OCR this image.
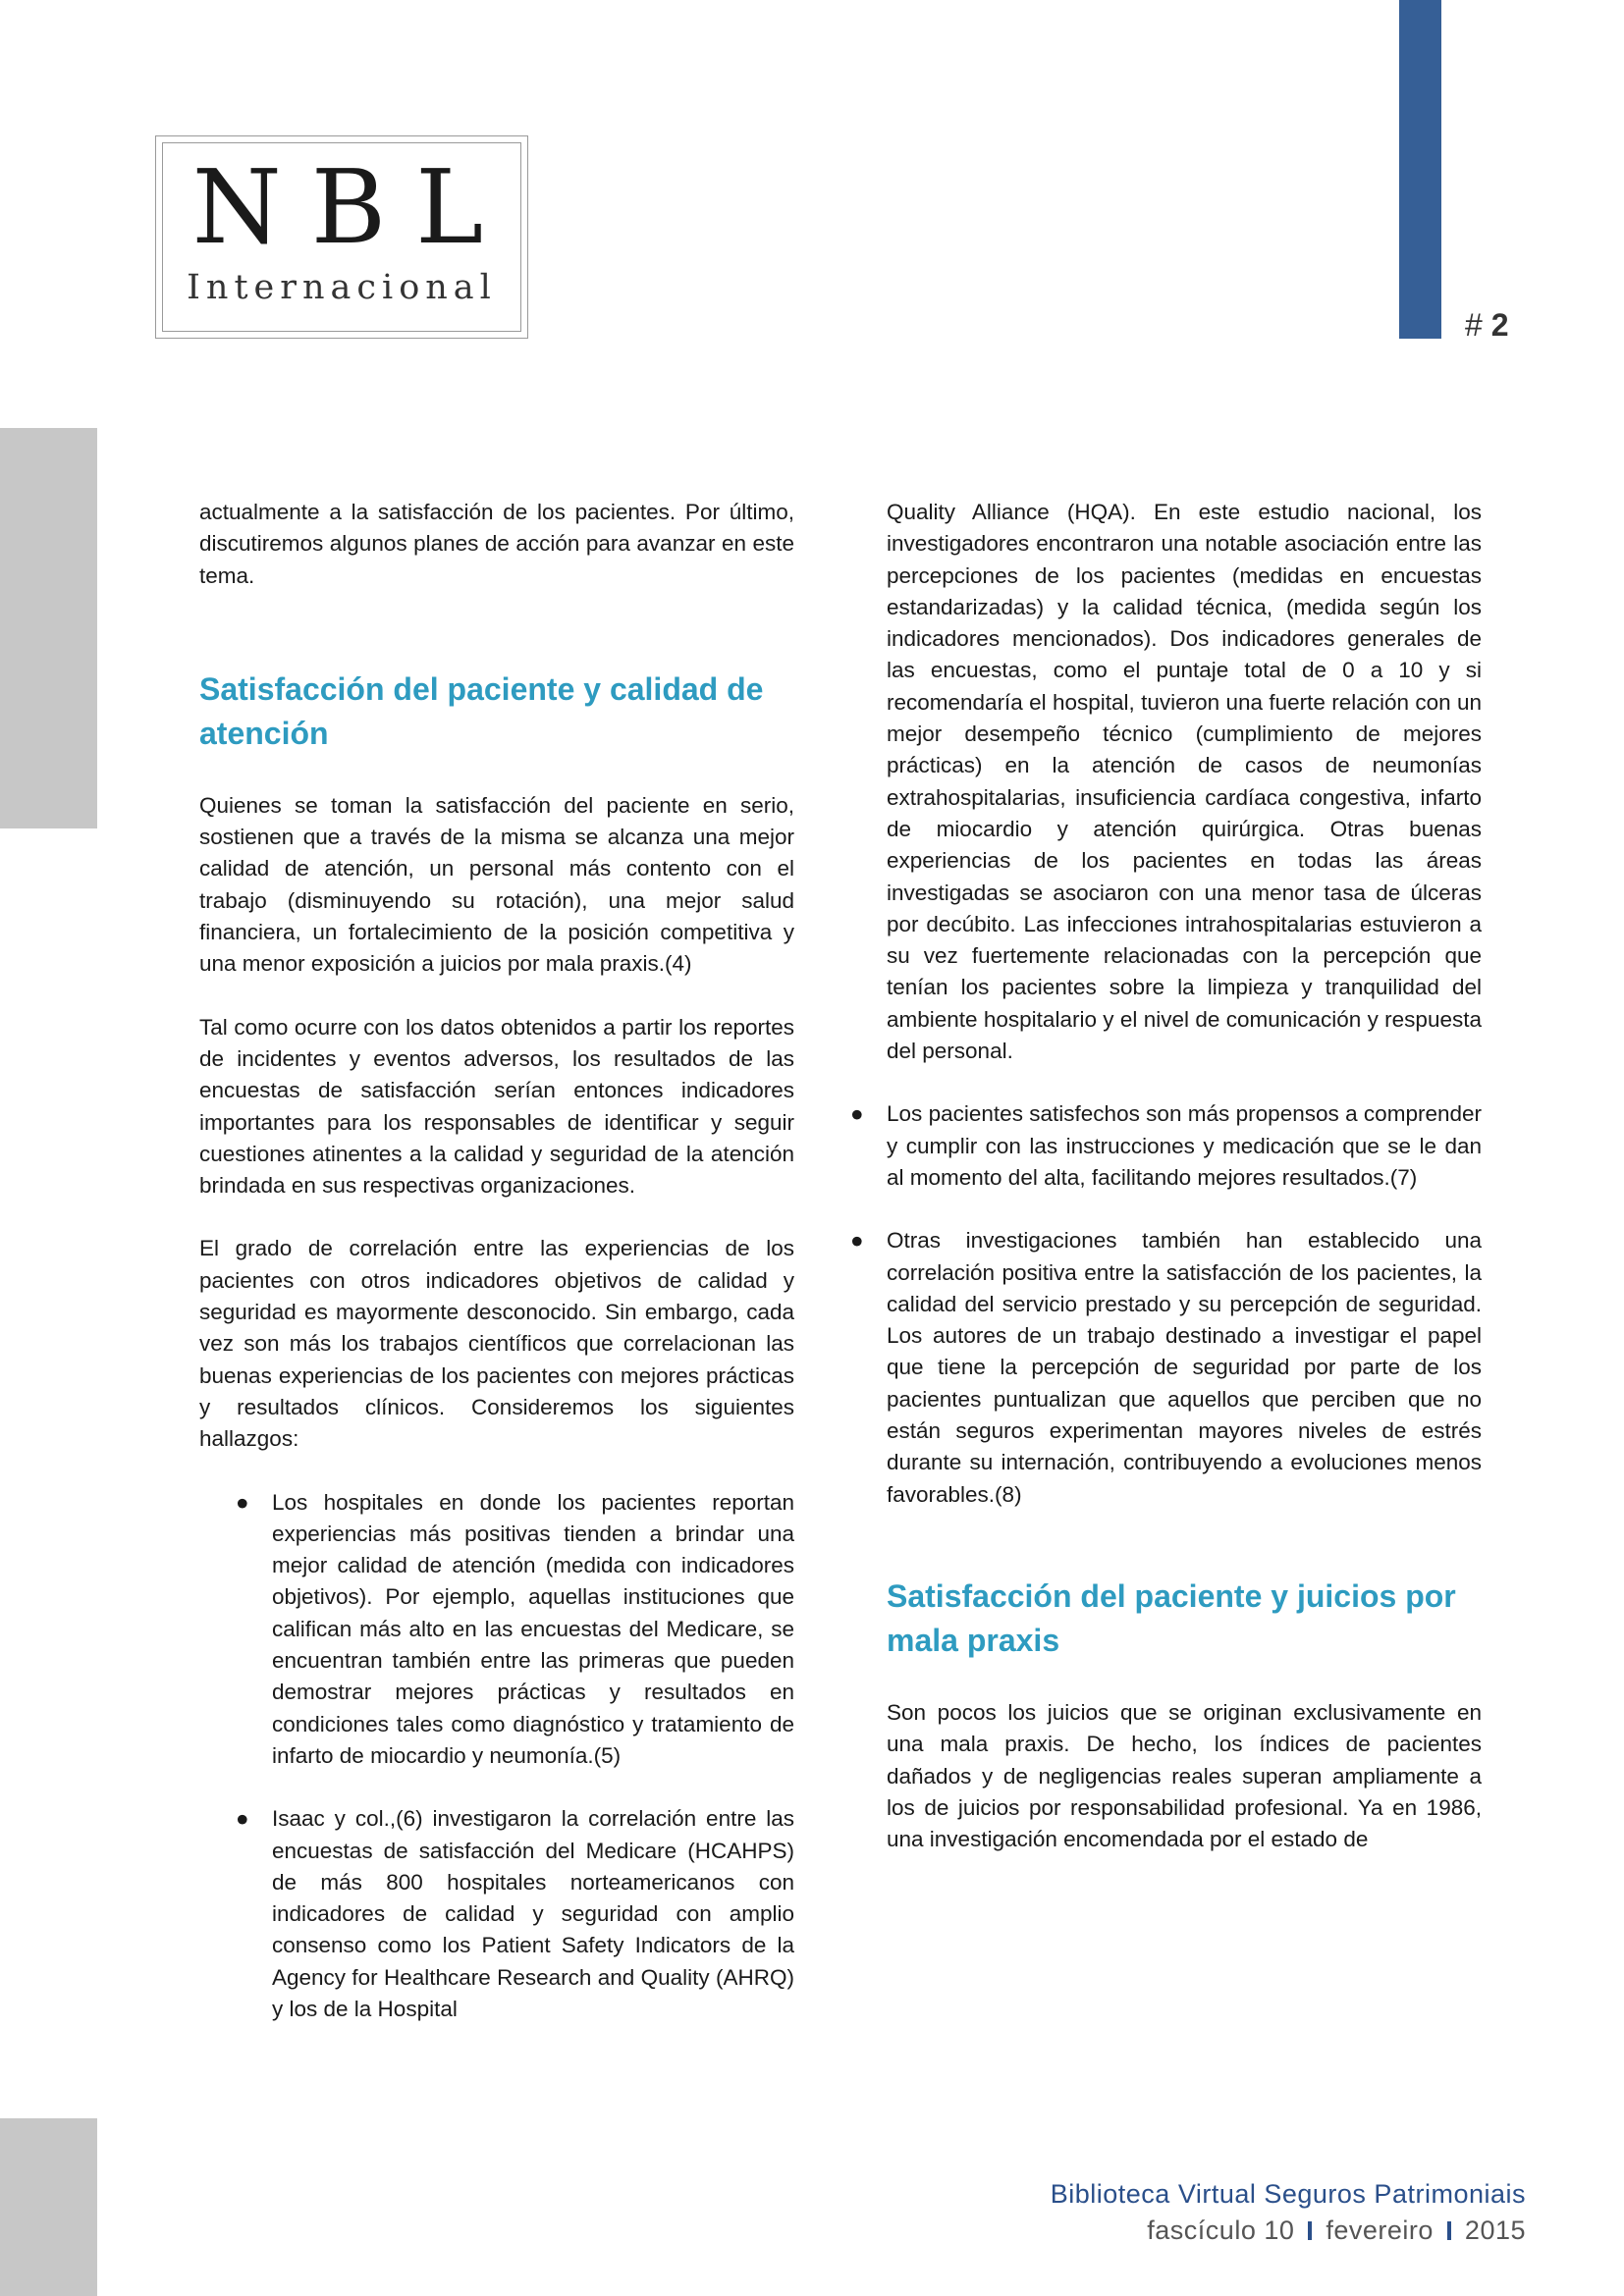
NBL
Internacional
# 2

actualmente a la satisfacción de los pacientes. Por último, discutiremos algunos planes de acción para avanzar en este tema.

Satisfacción del paciente y calidad de atención

Quienes se toman la satisfacción del paciente en serio, sostienen que a través de la misma se alcanza una mejor calidad de atención, un personal más contento con el trabajo (disminuyendo su rotación), una mejor salud financiera, un fortalecimiento de la posición competitiva y una menor exposición a juicios por mala praxis.(4)

Tal como ocurre con los datos obtenidos a partir los reportes de incidentes y eventos adversos, los resultados de las encuestas de satisfacción serían entonces indicadores importantes para los responsables de identificar y seguir cuestiones atinentes a la calidad y seguridad de la atención brindada en sus respectivas organizaciones.

El grado de correlación entre las experiencias de los pacientes con otros indicadores objetivos de calidad y seguridad es mayormente desconocido. Sin embargo, cada vez son más los trabajos científicos que correlacionan las buenas experiencias de los pacientes con mejores prácticas y resultados clínicos. Consideremos los siguientes hallazgos:

● Los hospitales en donde los pacientes reportan experiencias más positivas tienden a brindar una mejor calidad de atención (medida con indicadores objetivos). Por ejemplo, aquellas instituciones que califican más alto en las encuestas del Medicare, se encuentran también entre las primeras que pueden demostrar mejores prácticas y resultados en condiciones tales como diagnóstico y tratamiento de infarto de miocardio y neumonía.(5)

● Isaac y col.,(6) investigaron la correlación entre las encuestas de satisfacción del Medicare (HCAHPS) de más 800 hospitales norteamericanos con indicadores de calidad y seguridad con amplio consenso como los Patient Safety Indicators de la Agency for Healthcare Research and Quality (AHRQ) y los de la Hospital

Quality Alliance (HQA). En este estudio nacional, los investigadores encontraron una notable asociación entre las percepciones de los pacientes (medidas en encuestas estandarizadas) y la calidad técnica, (medida según los indicadores mencionados). Dos indicadores generales de las encuestas, como el puntaje total de 0 a 10 y si recomendaría el hospital, tuvieron una fuerte relación con un mejor desempeño técnico (cumplimiento de mejores prácticas) en la atención de casos de neumonías extrahospitalarias, insuficiencia cardíaca congestiva, infarto de miocardio y atención quirúrgica. Otras buenas experiencias de los pacientes en todas las áreas investigadas se asociaron con una menor tasa de úlceras por decúbito. Las infecciones intrahospitalarias estuvieron a su vez fuertemente relacionadas con la percepción que tenían los pacientes sobre la limpieza y tranquilidad del ambiente hospitalario y el nivel de comunicación y respuesta del personal.

● Los pacientes satisfechos son más propensos a comprender y cumplir con las instrucciones y medicación que se le dan al momento del alta, facilitando mejores resultados.(7)

● Otras investigaciones también han establecido una correlación positiva entre la satisfacción de los pacientes, la calidad del servicio prestado y su percepción de seguridad. Los autores de un trabajo destinado a investigar el papel que tiene la percepción de seguridad por parte de los pacientes puntualizan que aquellos que perciben que no están seguros experimentan mayores niveles de estrés durante su internación, contribuyendo a evoluciones menos favorables.(8)

Satisfacción del paciente y juicios por mala praxis

Son pocos los juicios que se originan exclusivamente en una mala praxis. De hecho, los índices de pacientes dañados y de negligencias reales superan ampliamente a los de juicios por responsabilidad profesional. Ya en 1986, una investigación encomendada por el estado de

Biblioteca Virtual Seguros Patrimoniais
fascículo 10 fevereiro 2015
